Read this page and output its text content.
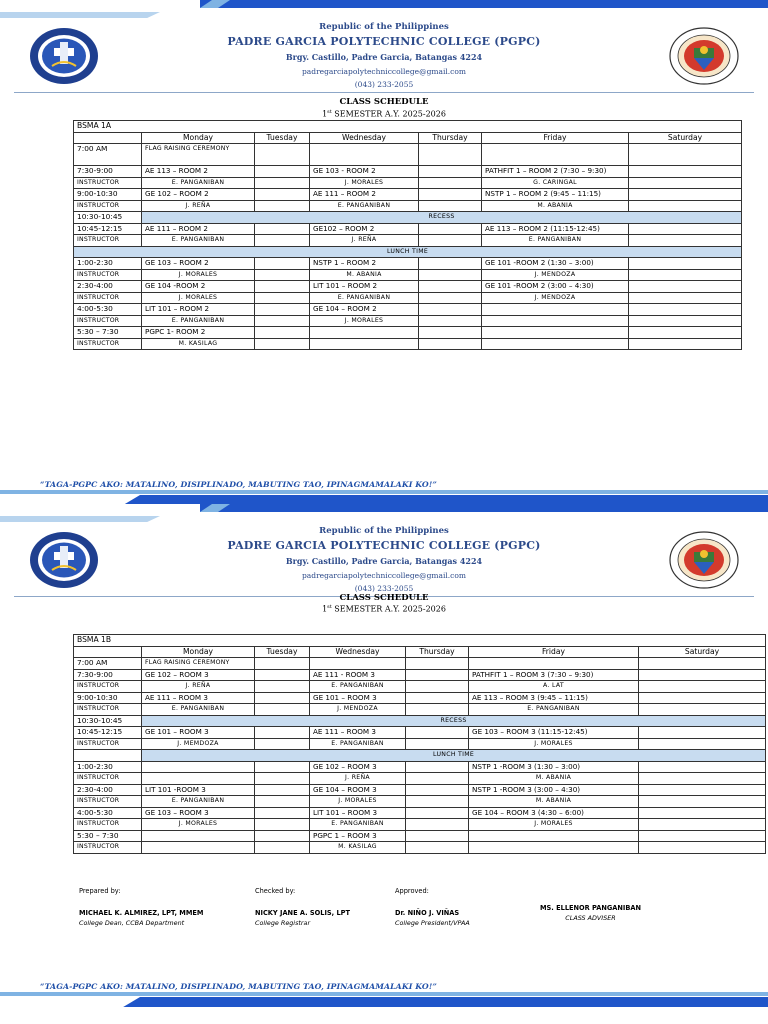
Republic of the Philippines
PADRE GARCIA POLYTECHNIC COLLEGE (PGPC)
Brgy. Castillo, Padre Garcia, Batangas 4224
padregarciapolytechniccollege@gmail.com
(043) 233-2055
CLASS SCHEDULE
1st SEMESTER A.Y. 2025-2026
BSMA 1A						
	Monday	Tuesday	Wednesday	Thursday	Friday	Saturday
7:00 AM	FLAG RAISING CEREMONY					
7:30-9:00	AE 113 – ROOM 2		GE 103 - ROOM 2		PATHFIT 1 – ROOM 2 (7:30 – 9:30)	
INSTRUCTOR	E. PANGANIBAN		J. MORALES		G. CARINGAL	
9:00-10:30	GE 102 – ROOM 2		AE 111 – ROOM 2		NSTP 1 – ROOM 2 (9:45 – 11:15)	
INSTRUCTOR	J. REÑA		E. PANGANIBAN		M. ABANIA	
10:30-10:45	RECESS					
10:45-12:15	AE 111 – ROOM 2		GE102 – ROOM 2		AE 113 – ROOM 2 (11:15-12:45)	
INSTRUCTOR	E. PANGANIBAN		J. REÑA		E. PANGANIBAN	
LUNCH TIME						
1:00-2:30	GE 103 – ROOM 2		NSTP 1 – ROOM 2		GE 101 -ROOM 2 (1:30 – 3:00)	
INSTRUCTOR	J. MORALES		M. ABANIA		J. MENDOZA	
2:30-4:00	GE 104 -ROOM 2		LIT 101 – ROOM 2		GE 101 -ROOM 2 (3:00 – 4:30)	
INSTRUCTOR	J. MORALES		E. PANGANIBAN		J. MENDOZA	
4:00-5:30	LIT 101 – ROOM 2		GE 104 – ROOM 2			
INSTRUCTOR	E. PANGANIBAN		J. MORALES			
5:30 – 7:30	PGPC 1- ROOM 2					
INSTRUCTOR	M. KASILAG					
“TAGA-PGPC AKO: MATALINO, DISIPLINADO, MABUTING TAO, IPINAGMAMALAKI KO!”
Republic of the Philippines
PADRE GARCIA POLYTECHNIC COLLEGE (PGPC)
Brgy. Castillo, Padre Garcia, Batangas 4224
padregarciapolytechniccollege@gmail.com
(043) 233-2055
CLASS SCHEDULE
1st SEMESTER A.Y. 2025-2026
BSMA 1B						
	Monday	Tuesday	Wednesday	Thursday	Friday	Saturday
7:00 AM	FLAG RAISING CEREMONY					
7:30-9:00	GE 102 – ROOM 3		AE 111 - ROOM 3		PATHFIT 1 – ROOM 3 (7:30 – 9:30)	
INSTRUCTOR	J. REÑA		E. PANGANIBAN		A. LAT	
9:00-10:30	AE 111 – ROOM 3		GE 101 – ROOM 3		AE 113 – ROOM 3 (9:45 – 11:15)	
INSTRUCTOR	E. PANGANIBAN		J. MENDOZA		E. PANGANIBAN	
10:30-10:45	RECESS					
10:45-12:15	GE 101 – ROOM 3		AE 111 – ROOM 3		GE 103 – ROOM 3 (11:15-12:45)	
INSTRUCTOR	J. MEMDOZA		E. PANGANIBAN		J. MORALES	
	LUNCH TIME					
1:00-2:30			GE 102 – ROOM 3		NSTP 1 -ROOM 3 (1:30 – 3:00)	
INSTRUCTOR			J. REÑA		M. ABANIA	
2:30-4:00	LIT 101 -ROOM 3		GE 104 – ROOM 3		NSTP 1 -ROOM 3 (3:00 – 4:30)	
INSTRUCTOR	E. PANGANIBAN		J. MORALES		M. ABANIA	
4:00-5:30	GE 103 – ROOM 3		LIT 101 – ROOM 3		GE 104 – ROOM 3 (4:30 – 6:00)	
INSTRUCTOR	J. MORALES		E. PANGANIBAN		J. MORALES	
5:30 – 7:30			PGPC 1 – ROOM 3			
INSTRUCTOR			M. KASILAG			
“TAGA-PGPC AKO: MATALINO, DISIPLINADO, MABUTING TAO, IPINAGMAMALAKI KO!”
Prepared by:
MICHAEL K. ALMIREZ, LPT, MMEM
College Dean, CCBA Department
Checked by:
NICKY JANE A. SOLIS, LPT
College Registrar
Approved:
Dr. NIÑO J. VIÑAS
College President/VPAA
MS. ELLENOR PANGANIBAN
CLASS ADVISER
